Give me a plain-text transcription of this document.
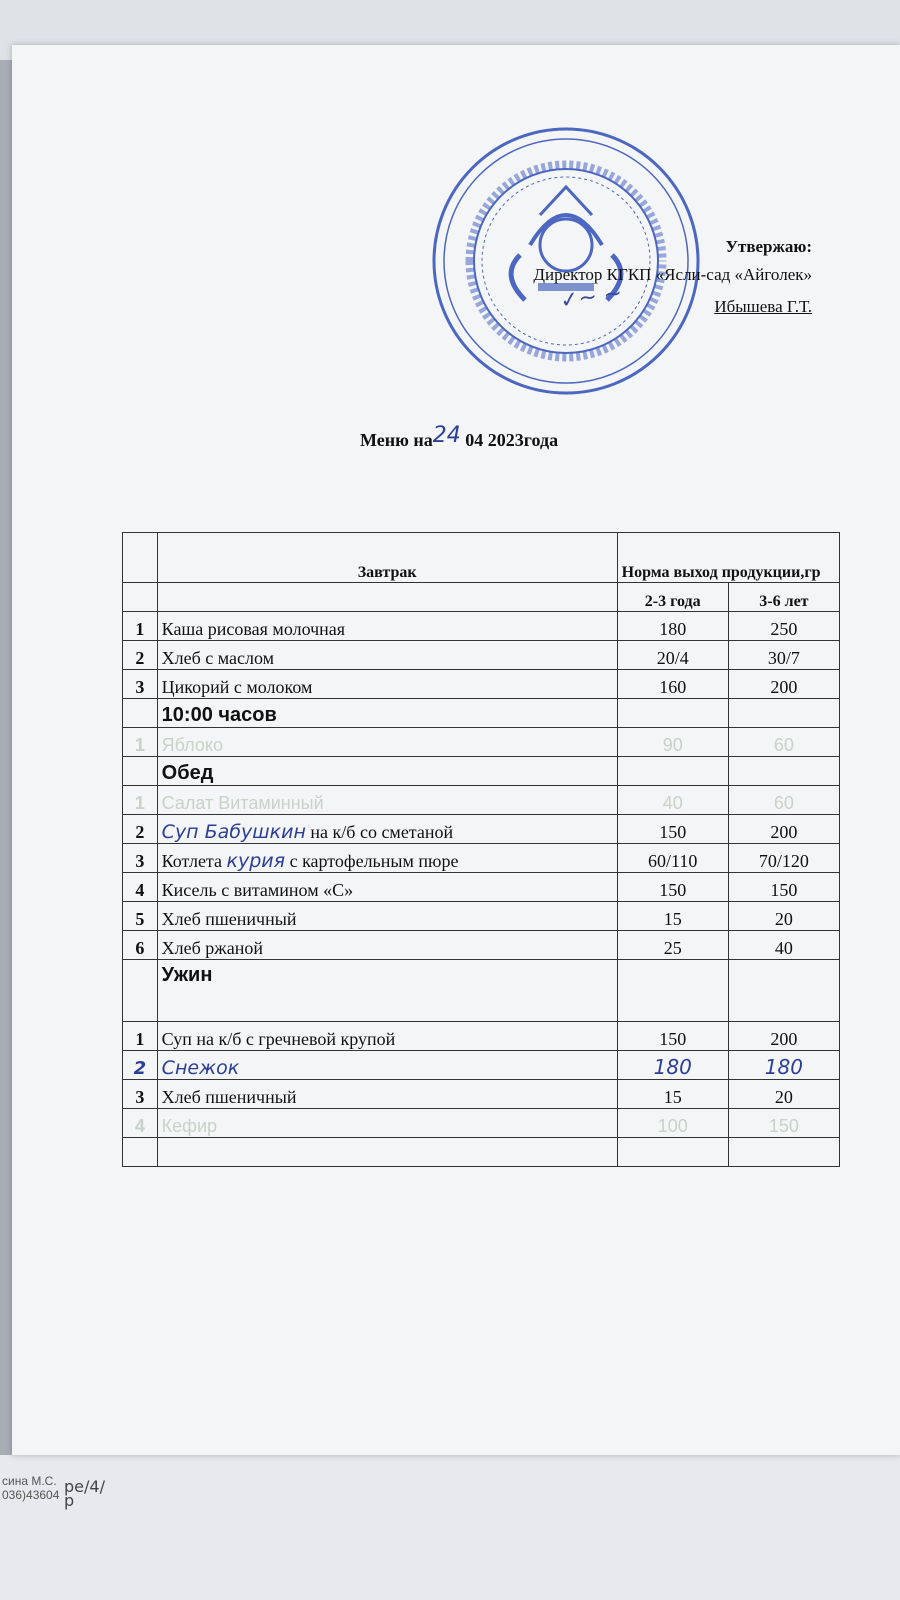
сина М.С.
036)43604 ре/4/р
✓~ ~
Утвержаю:
Директор КГКП «Ясли-сад «Айголек»
Ибышева Г.Т.
Меню на24 04 2023года
	Завтрак	Норма выход продукции,гр	
		2-3 года	3-6 лет
1	Каша рисовая молочная	180	250
2	Хлеб с маслом	20/4	30/7
3	Цикорий с молоком	160	200
	10:00 часов		
1	Яблоко	90	60
	Обед		
1	Салат Витаминный	40	60
2	Суп Бабушкин на к/б со сметаной	150	200
3	Котлета курия с картофельным пюре	60/110	70/120
4	Кисель с витамином «С»	150	150
5	Хлеб пшеничный	15	20
6	Хлеб ржаной	25	40
	Ужин		
1	Суп на к/б с гречневой крупой	150	200
2	Снежок	180	180
3	Хлеб пшеничный	15	20
4	Кефир	100	150
